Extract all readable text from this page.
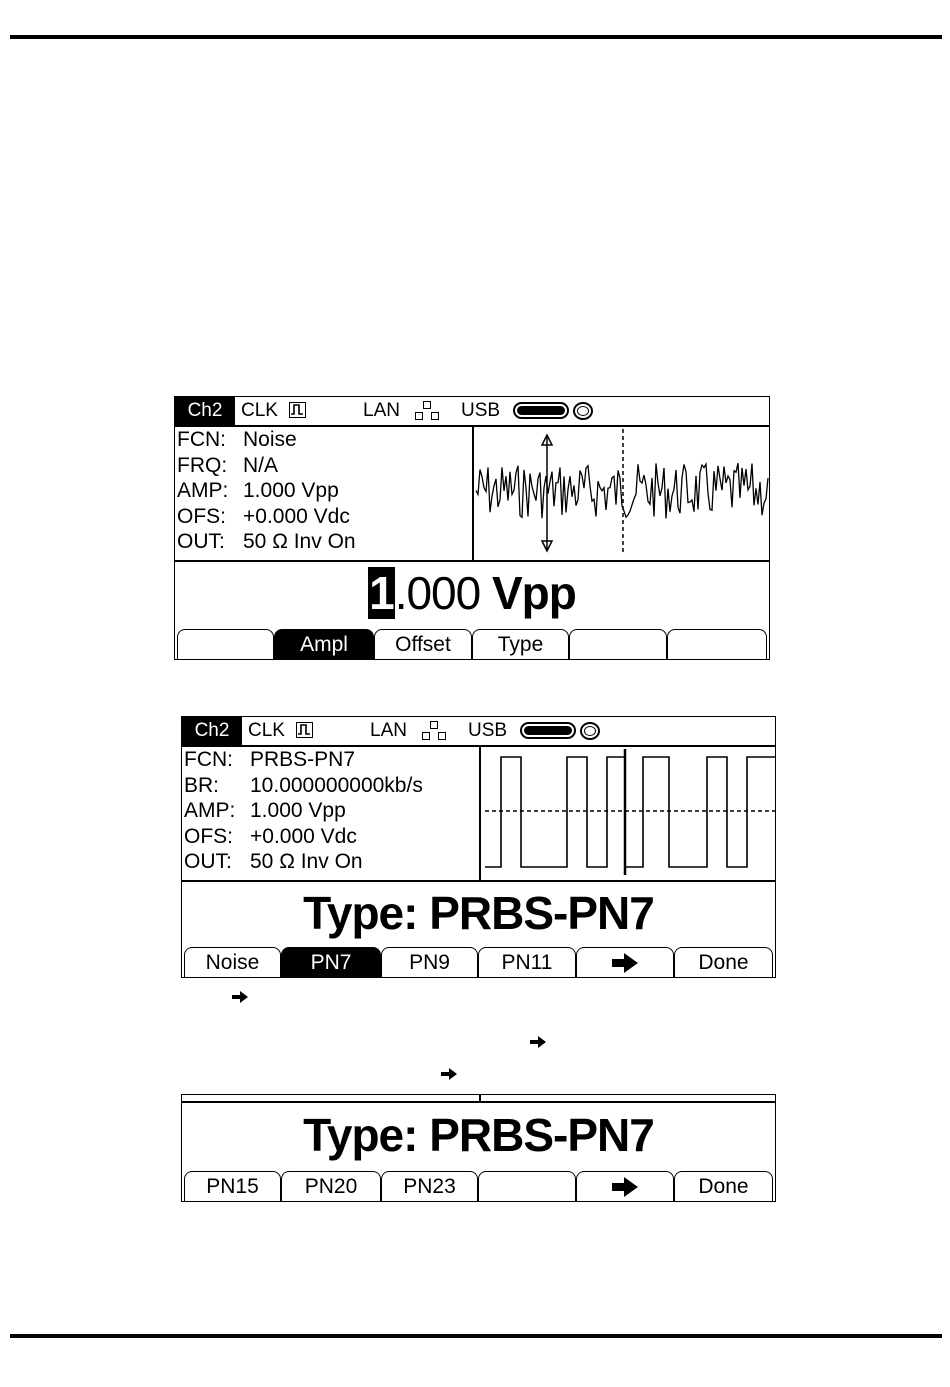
Ch2 CLK	LAN	USB
FCN: Noise
FRQ: N/A
AMP: 1.000 Vpp
OFS: +0.000 Vdc
OUT: 50 Ω Inv On
1.000 Vpp
Ampl	Offset	Type
Ch2 CLK	LAN	USB
FCN: PRBS-PN7
BR: 10.000000000kb/s
AMP: 1.000 Vpp
OFS: +0.000 Vdc
OUT: 50 Ω Inv On
Type: PRBS-PN7
Noise	PN7	PN9	PN11	Done
Type: PRBS-PN7
PN15	PN20	PN23	Done
